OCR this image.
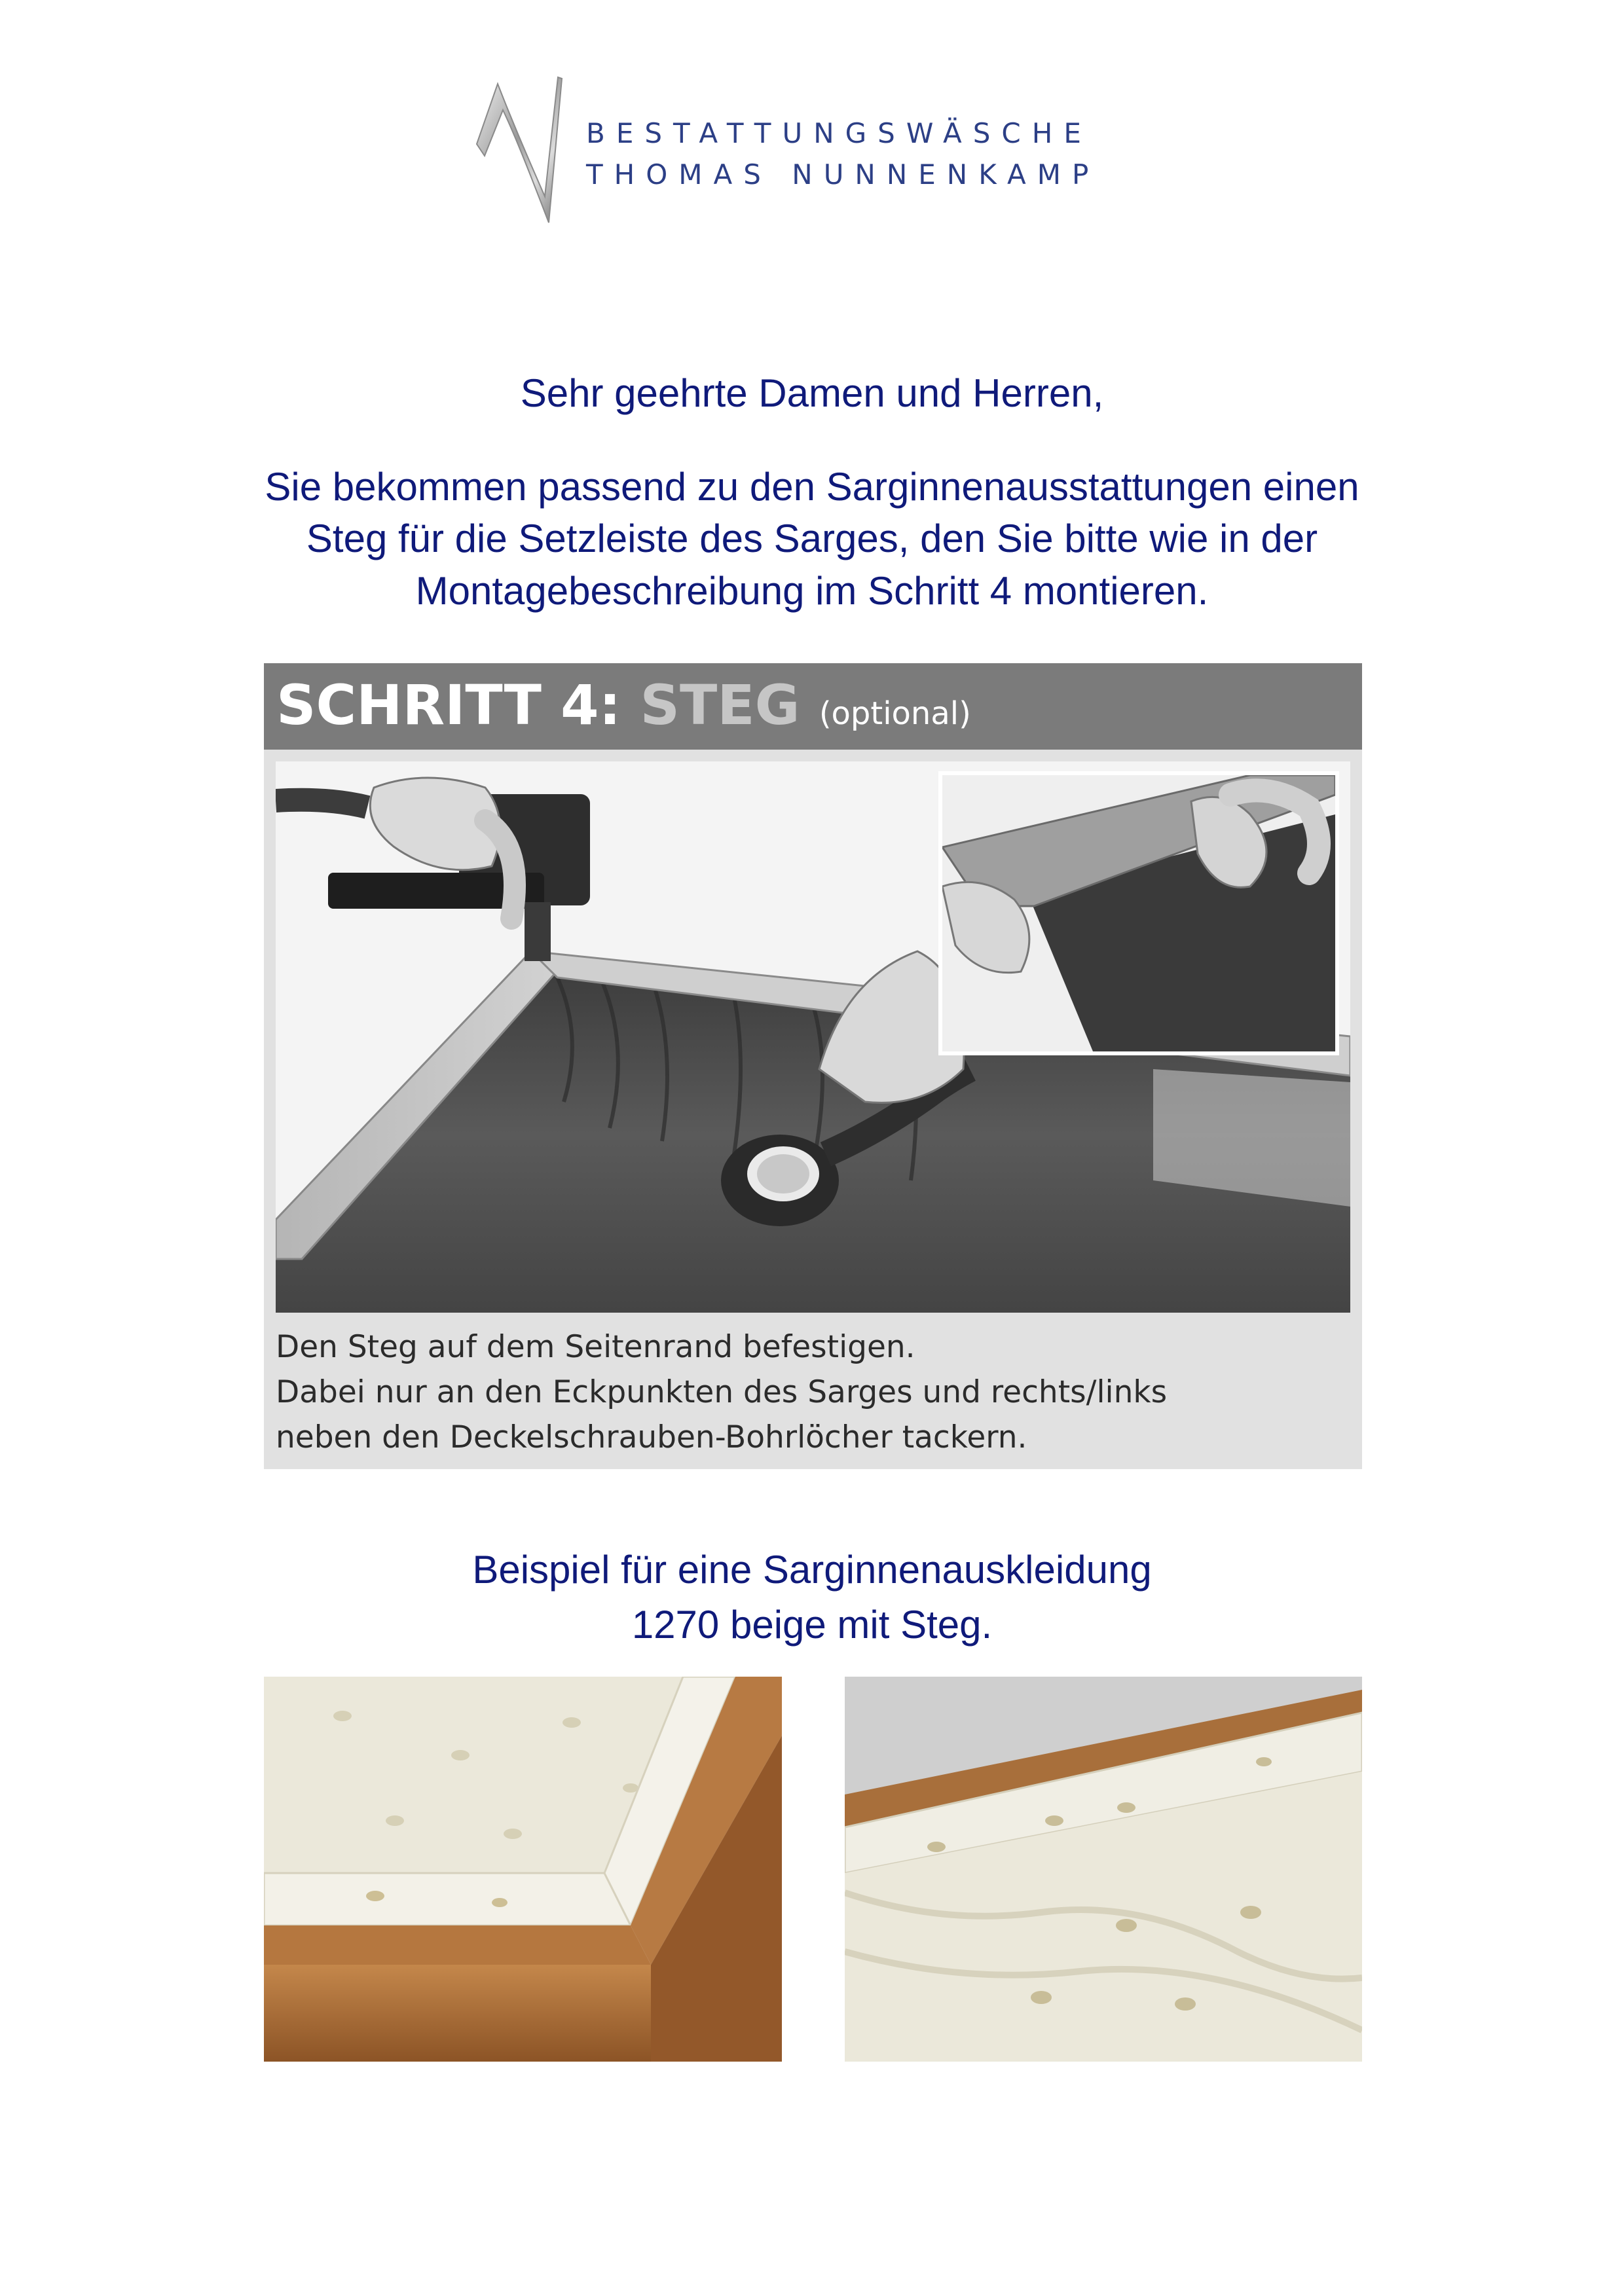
BESTATTUNGSWÄSCHE
THOMAS NUNNENKAMP
Sehr geehrte Damen und Herren,
Sie bekommen passend zu den Sarginnenausstattungen einen
Steg für die Setzleiste des Sarges, den Sie bitte wie in der
Montagebeschreibung im Schritt 4 montieren.
SCHRITT 4: STEG (optional)
Den Steg auf dem Seitenrand befestigen.
Dabei nur an den Eckpunkten des Sarges und rechts/links
neben den Deckelschrauben-Bohrlöcher tackern.
Beispiel für eine Sarginnenauskleidung
1270 beige mit Steg.
